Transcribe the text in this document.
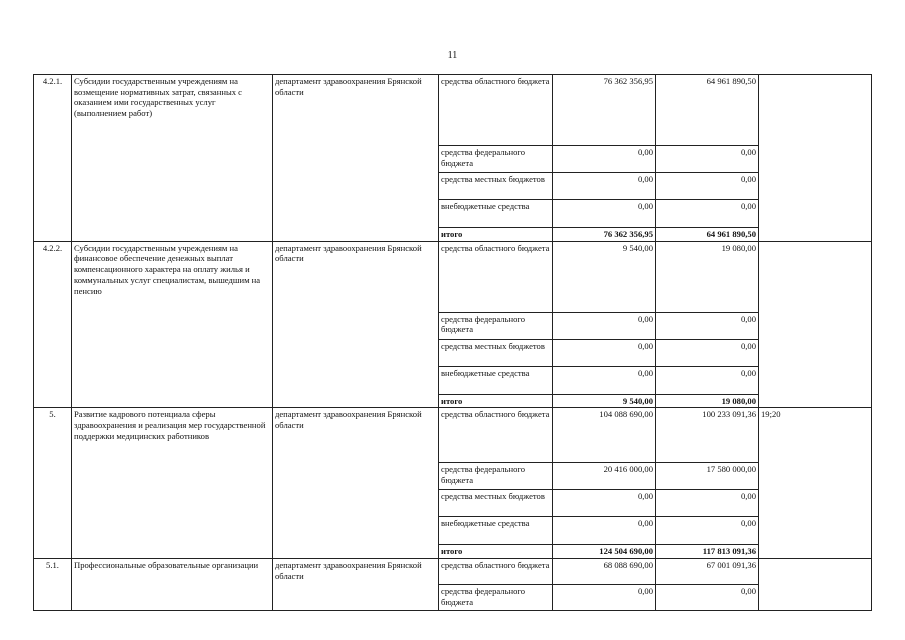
11
4.2.1.	Субсидии государственным учреждениям на возмещение нормативных затрат, связанных с оказанием ими государственных услуг (выполнением работ)	департамент здравоохранения Брянской области	средства областного бюджета	76 362 356,95	64 961 890,50	
			средства федерального бюджета	0,00	0,00	
			средства местных бюджетов	0,00	0,00	
			внебюджетные средства	0,00	0,00	
			итого	76 362 356,95	64 961 890,50	
4.2.2.	Субсидии государственным учреждениям на финансовое обеспечение денежных выплат компенсационного характера на оплату жилья и коммунальных услуг специалистам, вышедшим на пенсию	департамент здравоохранения Брянской области	средства областного бюджета	9 540,00	19 080,00	
			средства федерального бюджета	0,00	0,00	
			средства местных бюджетов	0,00	0,00	
			внебюджетные средства	0,00	0,00	
			итого	9 540,00	19 080,00	
5.	Развитие кадрового потенциала сферы здравоохранения и реализация мер государственной поддержки медицинских работников	департамент здравоохранения Брянской области	средства областного бюджета	104 088 690,00	100 233 091,36	19;20
			средства федерального бюджета	20 416 000,00	17 580 000,00	
			средства местных бюджетов	0,00	0,00	
			внебюджетные средства	0,00	0,00	
			итого	124 504 690,00	117 813 091,36	
5.1.	Профессиональные образовательные организации	департамент здравоохранения Брянской области	средства областного бюджета	68 088 690,00	67 001 091,36	
			средства федерального бюджета	0,00	0,00	
